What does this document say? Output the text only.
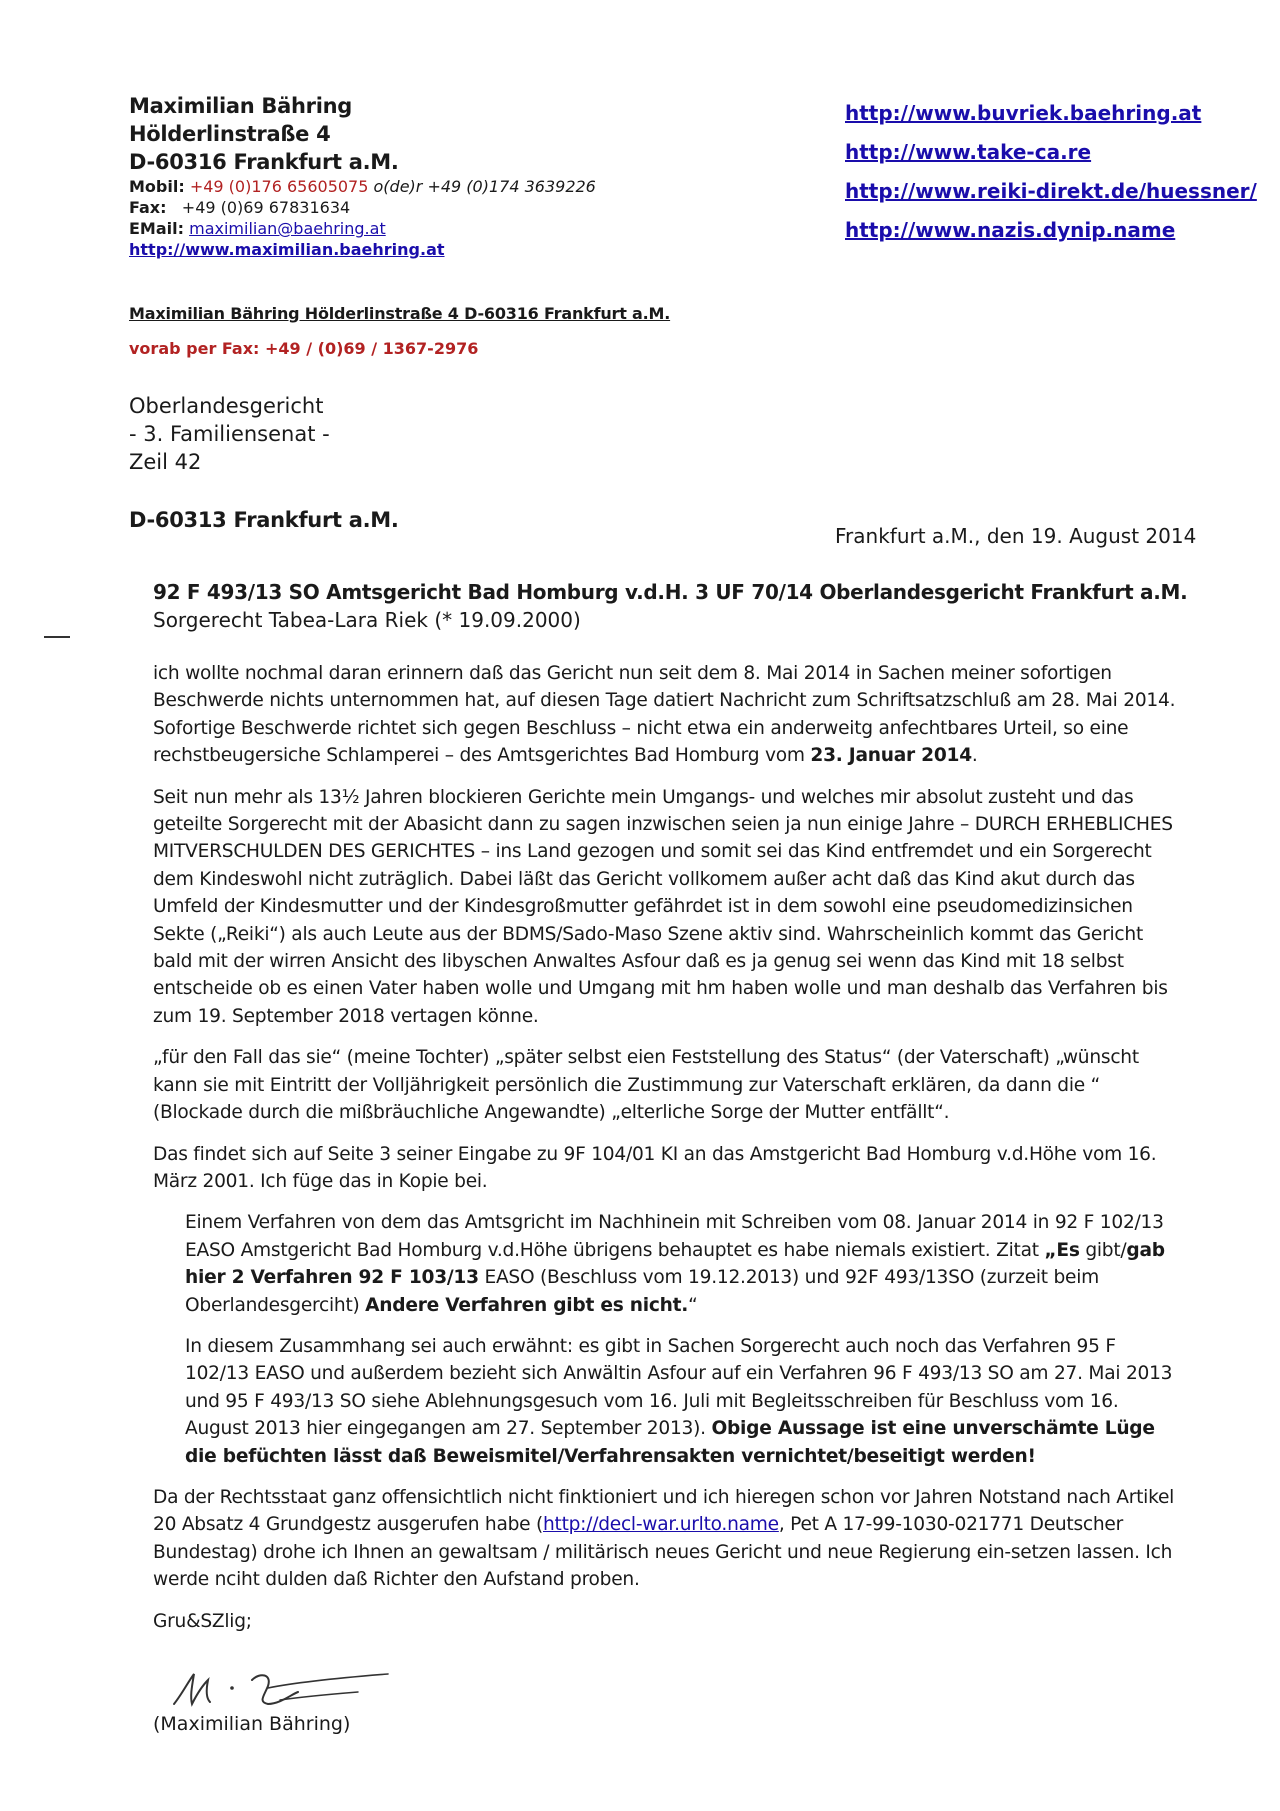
Maximilian Bähring
Hölderlinstraße 4
D-60316 Frankfurt a.M.
Mobil: +49 (0)176 65605075 o(de)r +49 (0)174 3639226
Fax: +49 (0)69 67831634
EMail: maximilian@baehring.at
http://www.maximilian.baehring.at
http://www.buvriek.baehring.at
http://www.take-ca.re
http://www.reiki-direkt.de/huessner/
http://www.nazis.dynip.name
Maximilian Bähring Hölderlinstraße 4 D-60316 Frankfurt a.M.
vorab per Fax: +49 / (0)69 / 1367-2976
Oberlandesgericht
- 3. Familiensenat -
Zeil 42
D-60313 Frankfurt a.M.
Frankfurt a.M., den 19. August 2014
92 F 493/13 SO Amtsgericht Bad Homburg v.d.H. 3 UF 70/14 Oberlandesgericht Frankfurt a.M.
Sorgerecht Tabea-Lara Riek (* 19.09.2000)

ich wollte nochmal daran erinnern daß das Gericht nun seit dem 8. Mai 2014 in Sachen meiner sofortigen Beschwerde nichts unternommen hat, auf diesen Tage datiert Nachricht zum Schriftsatzschluß am 28. Mai 2014. Sofortige Beschwerde richtet sich gegen Beschluss – nicht etwa ein anderweitg anfechtbares Urteil, so eine rechstbeugersiche Schlamperei – des Amtsgerichtes Bad Homburg vom 23. Januar 2014.

Seit nun mehr als 13½ Jahren blockieren Gerichte mein Umgangs- und welches mir absolut zusteht und das geteilte Sorgerecht mit der Abasicht dann zu sagen inzwischen seien ja nun einige Jahre – DURCH ERHEBLICHES MITVERSCHULDEN DES GERICHTES – ins Land gezogen und somit sei das Kind entfremdet und ein Sorgerecht dem Kindeswohl nicht zuträglich. Dabei läßt das Gericht vollkomem außer acht daß das Kind akut durch das Umfeld der Kindesmutter und der Kindesgroßmutter gefährdet ist in dem sowohl eine pseudomedizinsichen Sekte („Reiki“) als auch Leute aus der BDMS/Sado-Maso Szene aktiv sind. Wahrscheinlich kommt das Gericht bald mit der wirren Ansicht des libyschen Anwaltes Asfour daß es ja genug sei wenn das Kind mit 18 selbst entscheide ob es einen Vater haben wolle und Umgang mit hm haben wolle und man deshalb das Verfahren bis zum 19. September 2018 vertagen könne.

„für den Fall das sie“ (meine Tochter) „später selbst eien Feststellung des Status“ (der Vaterschaft) „wünscht kann sie mit Eintritt der Volljährigkeit persönlich die Zustimmung zur Vaterschaft erklären, da dann die “ (Blockade durch die mißbräuchliche Angewandte) „elterliche Sorge der Mutter entfällt“.

Das findet sich auf Seite 3 seiner Eingabe zu 9F 104/01 KI an das Amstgericht Bad Homburg v.d.Höhe vom 16. März 2001. Ich füge das in Kopie bei.

Einem Verfahren von dem das Amtsgricht im Nachhinein mit Schreiben vom 08. Januar 2014 in 92 F 102/13 EASO Amstgericht Bad Homburg v.d.Höhe übrigens behauptet es habe niemals existiert. Zitat „Es gibt/gab hier 2 Verfahren 92 F 103/13 EASO (Beschluss vom 19.12.2013) und 92F 493/13SO (zurzeit beim Oberlandesgerciht) Andere Verfahren gibt es nicht.“

In diesem Zusammhang sei auch erwähnt: es gibt in Sachen Sorgerecht auch noch das Verfahren 95 F 102/13 EASO und außerdem bezieht sich Anwältin Asfour auf ein Verfahren 96 F 493/13 SO am 27. Mai 2013 und 95 F 493/13 SO siehe Ablehnungsgesuch vom 16. Juli mit Begleitsschreiben für Beschluss vom 16. August 2013 hier eingegangen am 27. September 2013). Obige Aussage ist eine unverschämte Lüge die befüchten lässt daß Beweismitel/Verfahrensakten vernichtet/beseitigt werden!

Da der Rechtsstaat ganz offensichtlich nicht finktioniert und ich hieregen schon vor Jahren Notstand nach Artikel 20 Absatz 4 Grundgestz ausgerufen habe (http://decl-war.urlto.name, Pet A 17-99-1030-021771 Deutscher Bundestag) drohe ich Ihnen an gewaltsam / militärisch neues Gericht und neue Regierung ein-setzen lassen. Ich werde nciht dulden daß Richter den Aufstand proben.

Gru&SZlig;

(Maximilian Bähring)
